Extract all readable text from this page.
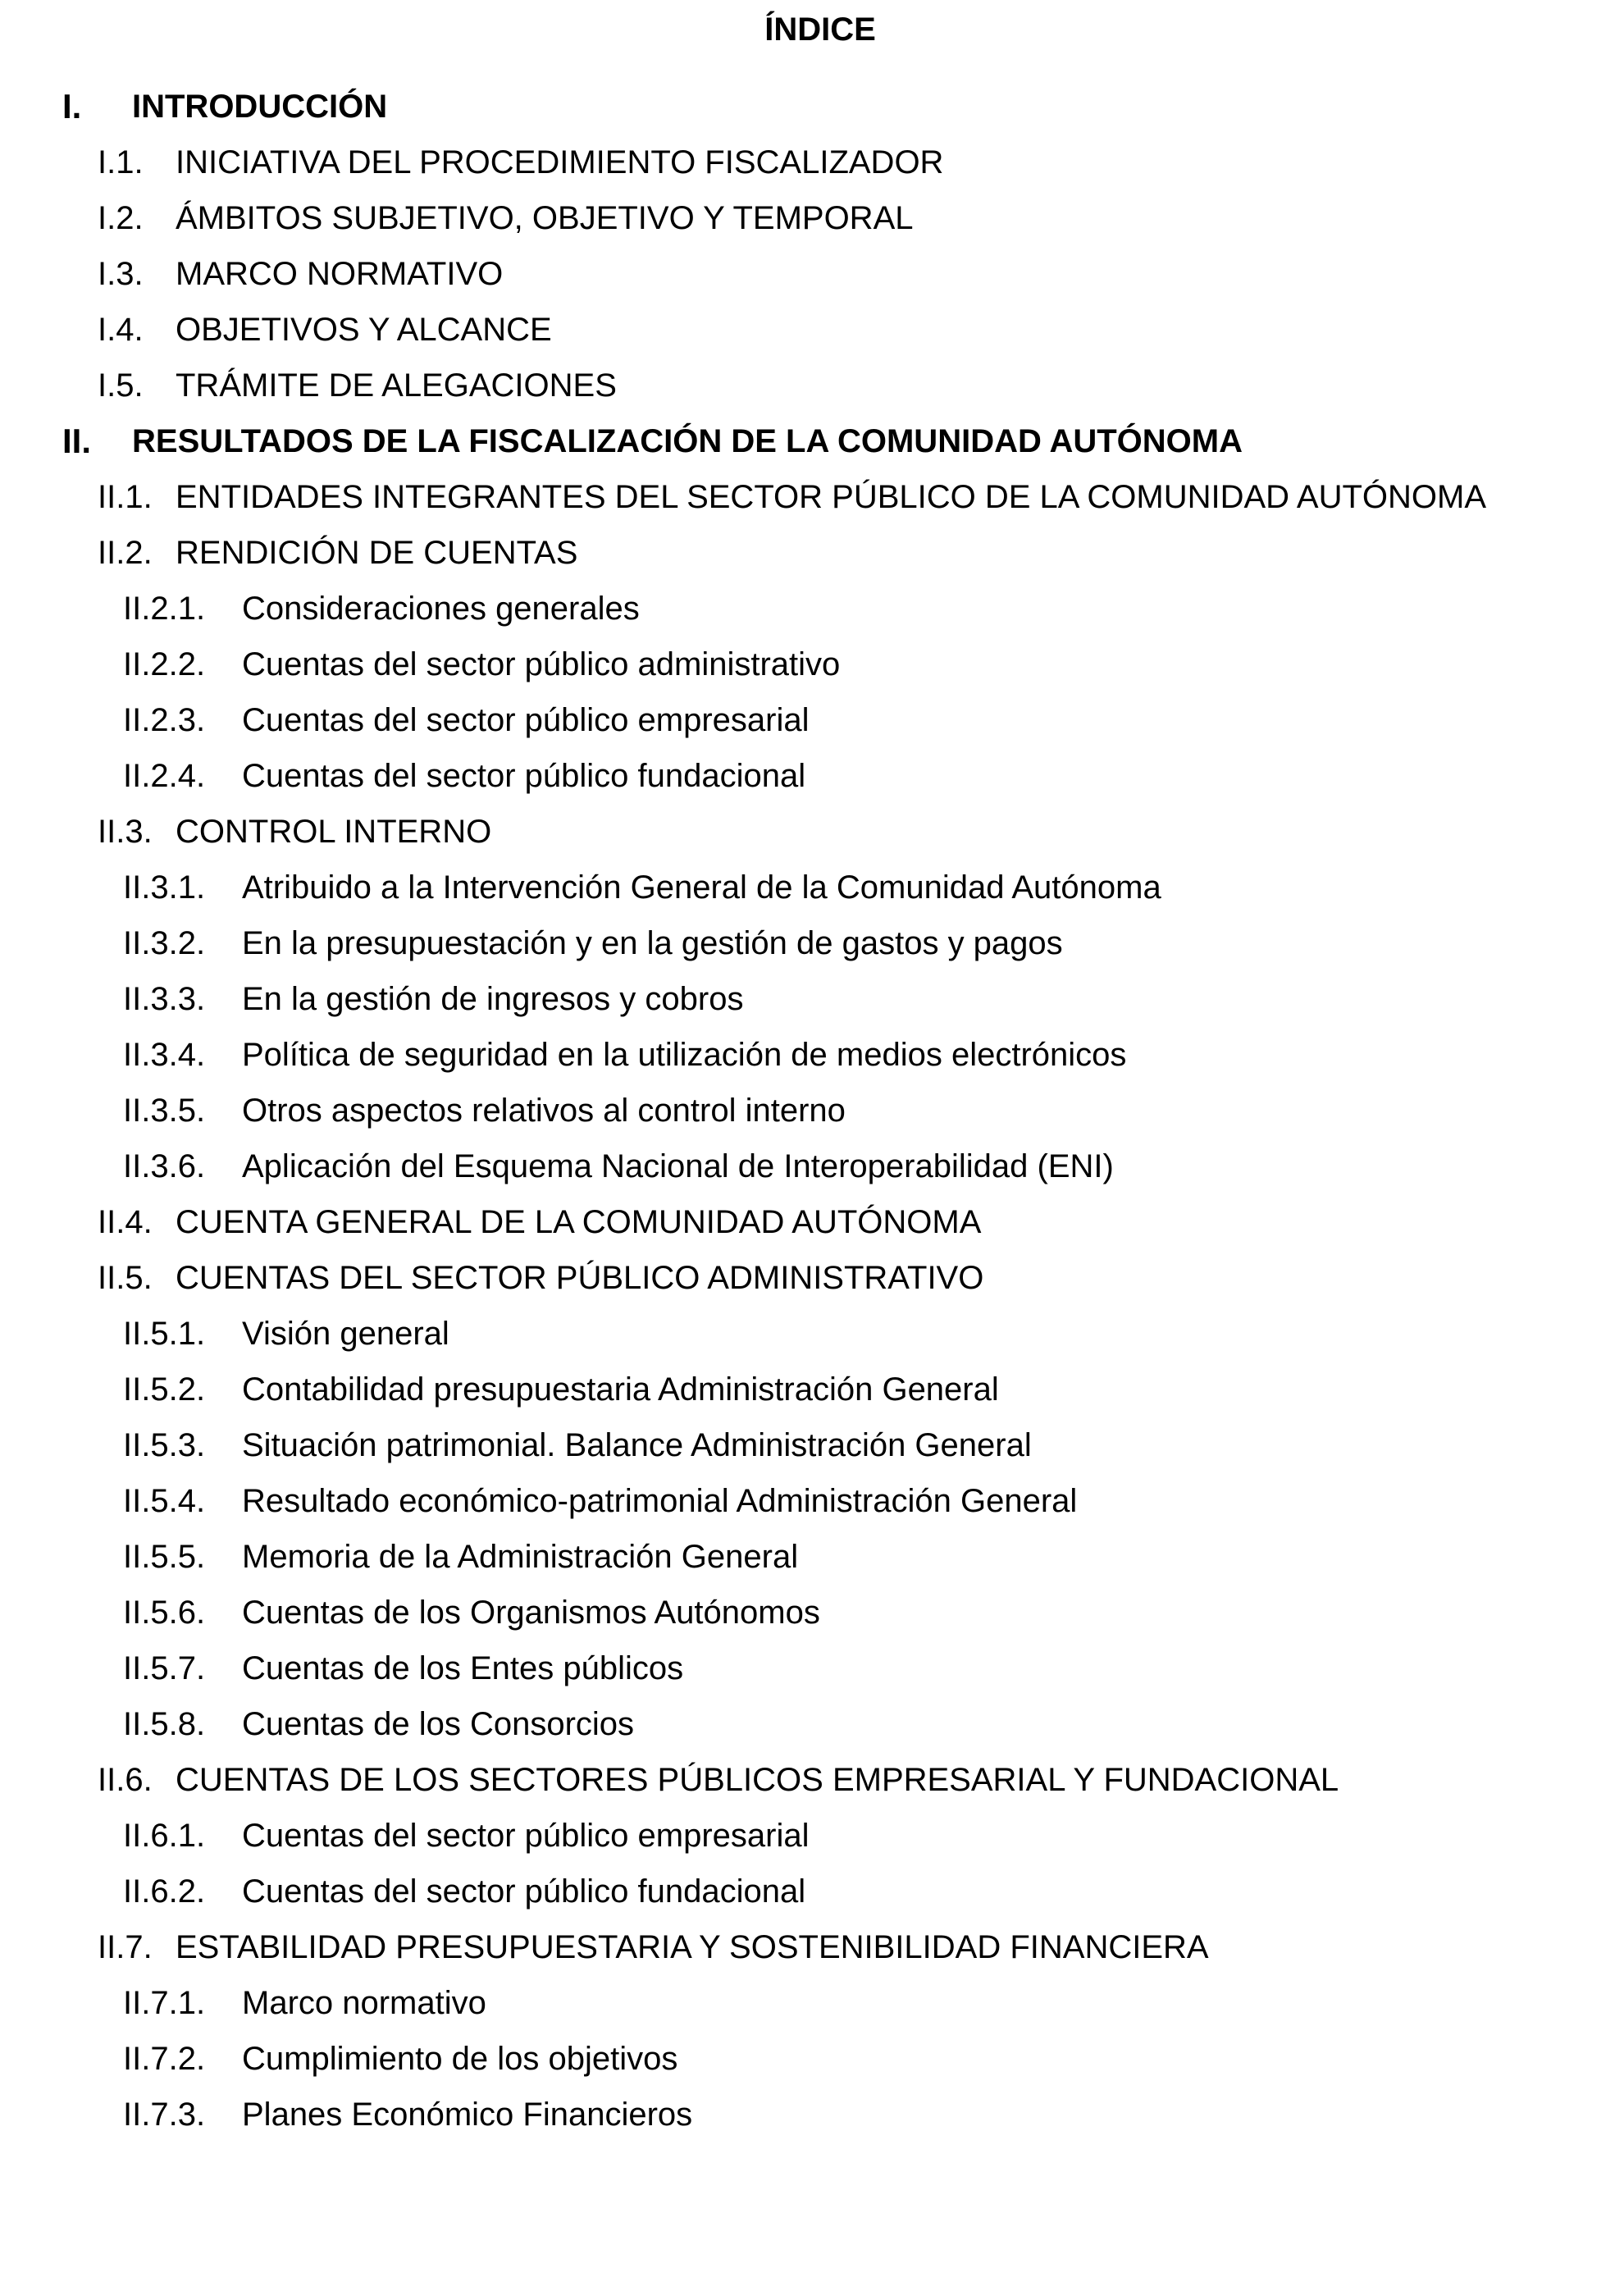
ÍNDICE
I. INTRODUCCIÓN
I.1. INICIATIVA DEL PROCEDIMIENTO FISCALIZADOR
I.2. ÁMBITOS SUBJETIVO, OBJETIVO Y TEMPORAL
I.3. MARCO NORMATIVO
I.4. OBJETIVOS Y ALCANCE
I.5. TRÁMITE DE ALEGACIONES
II. RESULTADOS DE LA FISCALIZACIÓN DE LA COMUNIDAD AUTÓNOMA
II.1. ENTIDADES INTEGRANTES DEL SECTOR PÚBLICO DE LA COMUNIDAD AUTÓNOMA
II.2. RENDICIÓN DE CUENTAS
II.2.1. Consideraciones generales
II.2.2. Cuentas del sector público administrativo
II.2.3. Cuentas del sector público empresarial
II.2.4. Cuentas del sector público fundacional
II.3. CONTROL INTERNO
II.3.1. Atribuido a la Intervención General de la Comunidad Autónoma
II.3.2. En la presupuestación y en la gestión de gastos y pagos
II.3.3. En la gestión de ingresos y cobros
II.3.4. Política de seguridad en la utilización de medios electrónicos
II.3.5. Otros aspectos relativos al control interno
II.3.6. Aplicación del Esquema Nacional de Interoperabilidad (ENI)
II.4. CUENTA GENERAL DE LA COMUNIDAD AUTÓNOMA
II.5. CUENTAS DEL SECTOR PÚBLICO ADMINISTRATIVO
II.5.1. Visión general
II.5.2. Contabilidad presupuestaria Administración General
II.5.3. Situación patrimonial. Balance Administración General
II.5.4. Resultado económico-patrimonial Administración General
II.5.5. Memoria de la Administración General
II.5.6. Cuentas de los Organismos Autónomos
II.5.7. Cuentas de los Entes públicos
II.5.8. Cuentas de los Consorcios
II.6. CUENTAS DE LOS SECTORES PÚBLICOS EMPRESARIAL Y FUNDACIONAL
II.6.1. Cuentas del sector público empresarial
II.6.2. Cuentas del sector público fundacional
II.7. ESTABILIDAD PRESUPUESTARIA Y SOSTENIBILIDAD FINANCIERA
II.7.1. Marco normativo
II.7.2. Cumplimiento de los objetivos
II.7.3. Planes Económico Financieros
